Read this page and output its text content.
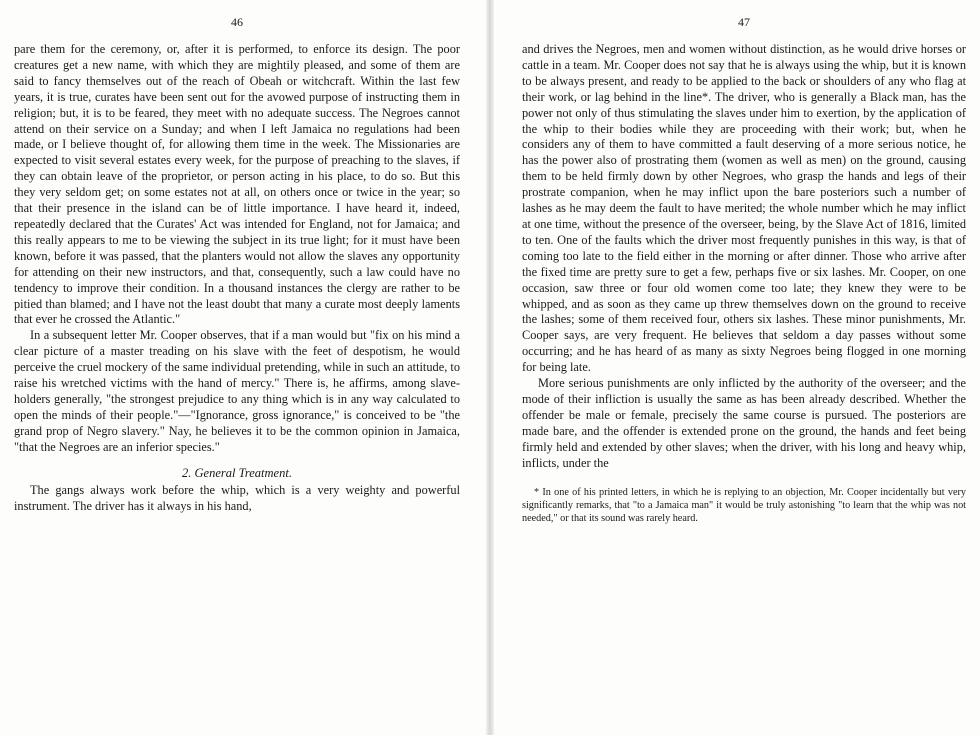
46

pare them for the ceremony, or, after it is performed, to enforce its design. The poor creatures get a new name, with which they are mightily pleased, and some of them are said to fancy themselves out of the reach of Obeah or witchcraft. Within the last few years, it is true, curates have been sent out for the avowed purpose of instructing them in religion; but, it is to be feared, they meet with no adequate success. The Negroes cannot attend on their service on a Sunday; and when I left Jamaica no regulations had been made, or I believe thought of, for allowing them time in the week. The Missionaries are expected to visit several estates every week, for the purpose of preaching to the slaves, if they can obtain leave of the proprietor, or person acting in his place, to do so. But this they very seldom get; on some estates not at all, on others once or twice in the year; so that their presence in the island can be of little importance. I have heard it, indeed, repeatedly declared that the Curates' Act was intended for England, not for Jamaica; and this really appears to me to be viewing the subject in its true light; for it must have been known, before it was passed, that the planters would not allow the slaves any opportunity for attending on their new instructors, and that, consequently, such a law could have no tendency to improve their condition. In a thousand instances the clergy are rather to be pitied than blamed; and I have not the least doubt that many a curate most deeply laments that ever he crossed the Atlantic."

In a subsequent letter Mr. Cooper observes, that if a man would but "fix on his mind a clear picture of a master treading on his slave with the feet of despotism, he would perceive the cruel mockery of the same individual pretending, while in such an attitude, to raise his wretched victims with the hand of mercy." There is, he affirms, among slave-holders generally, "the strongest prejudice to any thing which is in any way calculated to open the minds of their people."—"Ignorance, gross ignorance," is conceived to be "the grand prop of Negro slavery." Nay, he believes it to be the common opinion in Jamaica, "that the Negroes are an inferior species."

2. General Treatment.

The gangs always work before the whip, which is a very weighty and powerful instrument. The driver has it always in his hand,

47

and drives the Negroes, men and women without distinction, as he would drive horses or cattle in a team. Mr. Cooper does not say that he is always using the whip, but it is known to be always present, and ready to be applied to the back or shoulders of any who flag at their work, or lag behind in the line*. The driver, who is generally a Black man, has the power not only of thus stimulating the slaves under him to exertion, by the application of the whip to their bodies while they are proceeding with their work; but, when he considers any of them to have committed a fault deserving of a more serious notice, he has the power also of prostrating them (women as well as men) on the ground, causing them to be held firmly down by other Negroes, who grasp the hands and legs of their prostrate companion, when he may inflict upon the bare posteriors such a number of lashes as he may deem the fault to have merited; the whole number which he may inflict at one time, without the presence of the overseer, being, by the Slave Act of 1816, limited to ten. One of the faults which the driver most frequently punishes in this way, is that of coming too late to the field either in the morning or after dinner. Those who arrive after the fixed time are pretty sure to get a few, perhaps five or six lashes. Mr. Cooper, on one occasion, saw three or four old women come too late; they knew they were to be whipped, and as soon as they came up threw themselves down on the ground to receive the lashes; some of them received four, others six lashes. These minor punishments, Mr. Cooper says, are very frequent. He believes that seldom a day passes without some occurring; and he has heard of as many as sixty Negroes being flogged in one morning for being late.

More serious punishments are only inflicted by the authority of the overseer; and the mode of their infliction is usually the same as has been already described. Whether the offender be male or female, precisely the same course is pursued. The posteriors are made bare, and the offender is extended prone on the ground, the hands and feet being firmly held and extended by other slaves; when the driver, with his long and heavy whip, inflicts, under the

* In one of his printed letters, in which he is replying to an objection, Mr. Cooper incidentally but very significantly remarks, that "to a Jamaica man" it would be truly astonishing "to learn that the whip was not needed," or that its sound was rarely heard.
